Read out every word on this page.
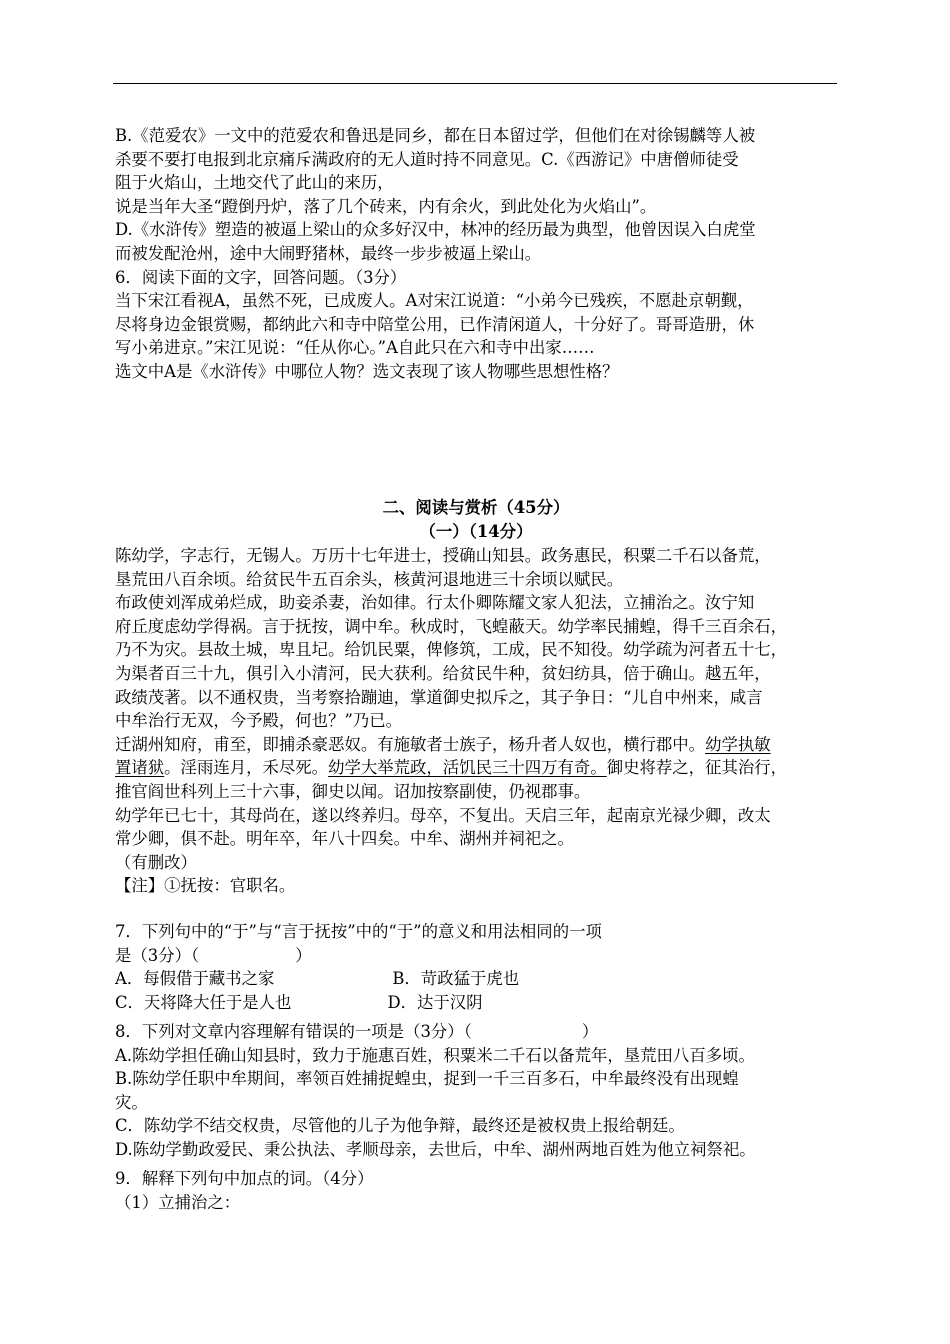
B.《范爱农》一文中的范爱农和鲁迅是同乡，都在日本留过学，但他们在对徐锡麟等人被
杀要不要打电报到北京痛斥满政府的无人道时持不同意见。C.《西游记》中唐僧师徒受
阻于火焰山，土地交代了此山的来历，
说是当年大圣“蹬倒丹炉，落了几个砖来，内有余火，到此处化为火焰山”。
D.《水浒传》塑造的被逼上梁山的众多好汉中，林冲的经历最为典型，他曾因误入白虎堂
而被发配沧州，途中大闹野猪林，最终一步步被逼上梁山。
6．阅读下面的文字，回答问题。（3分）
当下宋江看视A，虽然不死，已成废人。A对宋江说道：“小弟今已残疾，不愿赴京朝觐，
尽将身边金银赏赐，都纳此六和寺中陪堂公用，已作清闲道人，十分好了。哥哥造册，休
写小弟进京。”宋江见说：“任从你心。”A自此只在六和寺中出家……
选文中A是《水浒传》中哪位人物？选文表现了该人物哪些思想性格？
二、阅读与赏析（45分）
（一）（14分）
陈幼学，字志行，无锡人。万历十七年进士，授确山知县。政务惠民，积粟二千石以备荒，
垦荒田八百余顷。给贫民牛五百余头，核黄河退地进三十余顷以赋民。
布政使刘浑成弟烂成，助妾杀妻，治如律。行太仆卿陈耀文家人犯法，立捕治之。汝宁知
府丘度虑幼学得祸。言于抚按，调中牟。秋成时，飞蝗蔽天。幼学率民捕蝗，得千三百余石，
乃不为灾。县故土城，卑且圮。给饥民粟，俾修筑，工成，民不知役。幼学疏为河者五十七，
为渠者百三十九，俱引入小清河，民大获利。给贫民牛种，贫妇纺具，倍于确山。越五年，
政绩茂著。以不通权贵，当考察拾蹦迪，掌道御史拟斥之，其子争日：“儿自中州来，咸言
中牟治行无双，今予殿，何也？”乃已。
迁湖州知府，甫至，即捕杀豪恶奴。有施敏者士族子，杨升者人奴也，横行郡中。幼学执敏
置诸狱。淫雨连月，禾尽死。幼学大举荒政，活饥民三十四万有奇。御史将荐之，征其治行，
推官阎世科列上三十六事，御史以闻。诏加按察副使，仍视郡事。
幼学年已七十，其母尚在，遂以终养归。母卒，不复出。天启三年，起南京光禄少卿，改太
常少卿，俱不赴。明年卒，年八十四矣。中牟、湖州并祠祀之。
（有删改）
【注】①抚按：官职名。
7．下列句中的“于”与“言于抚按”中的“于”的意义和用法相同的一项
是（3分）（	）
A．每假借于藏书之家	B．苛政猛于虎也
C．天将降大任于是人也	D．达于汉阴
8．下列对文章内容理解有错误的一项是（3分）（	）
A.陈幼学担任确山知县时，致力于施惠百姓，积粟米二千石以备荒年，垦荒田八百多顷。
B.陈幼学任职中牟期间，率领百姓捕捉蝗虫，捉到一千三百多石，中牟最终没有出现蝗
灾。
C．陈幼学不结交权贵，尽管他的儿子为他争辩，最终还是被权贵上报给朝廷。
D.陈幼学勤政爱民、秉公执法、孝顺母亲，去世后，中牟、湖州两地百姓为他立祠祭祀。
9．解释下列句中加点的词。（4分）
（1）立捕治之：
